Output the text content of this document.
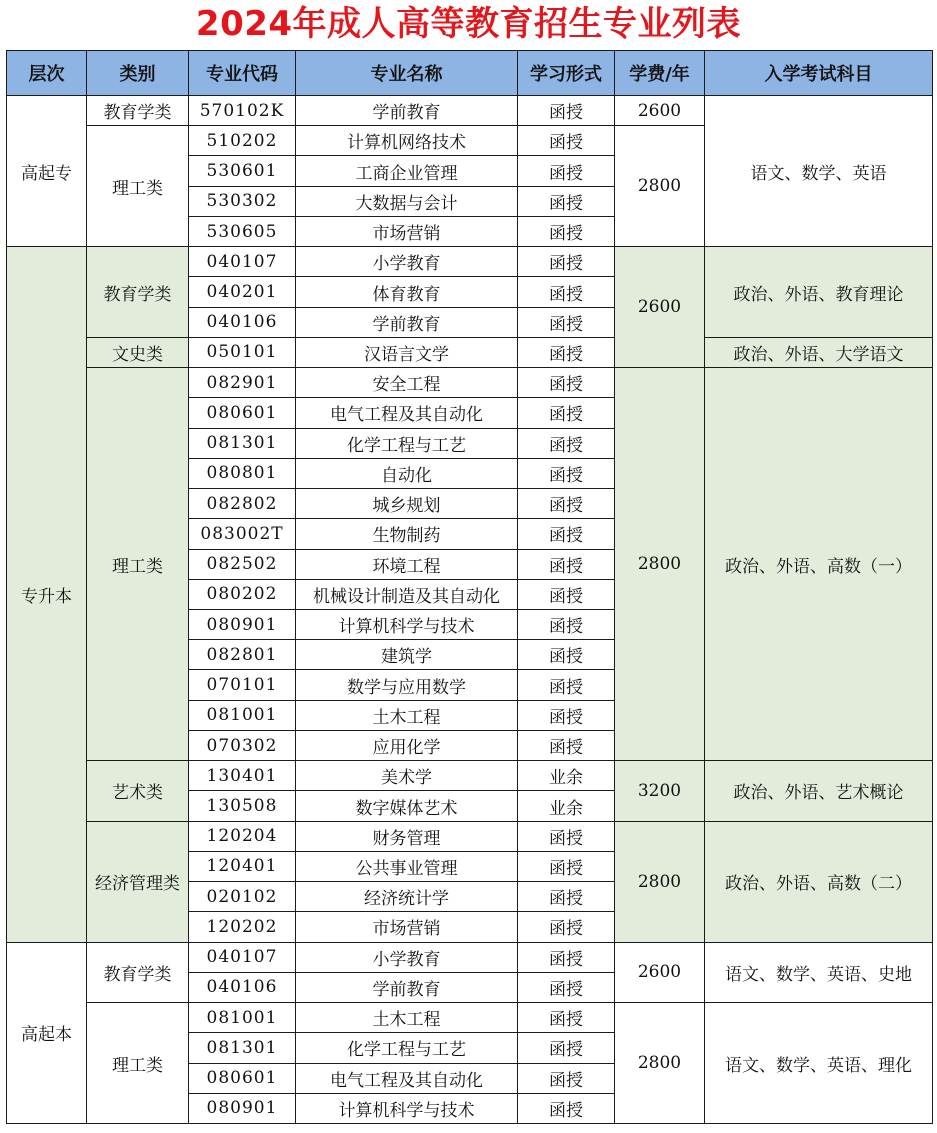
2024年成人高等教育招生专业列表
层次	类别	专业代码	专业名称	学习形式	学费/年	入学考试科目
高起专	教育学类	570102K	学前教育	函授	2600	语文、数学、英语
	理工类	510202	计算机网络技术	函授	2800	
		530601	工商企业管理	函授		
		530302	大数据与会计	函授		
		530605	市场营销	函授		
专升本	教育学类	040107	小学教育	函授	2600	政治、外语、教育理论
		040201	体育教育	函授		
		040106	学前教育	函授		
	文史类	050101	汉语言文学	函授		政治、外语、大学语文
	理工类	082901	安全工程	函授	2800	政治、外语、高数（一）
		080601	电气工程及其自动化	函授		
		081301	化学工程与工艺	函授		
		080801	自动化	函授		
		082802	城乡规划	函授		
		083002T	生物制药	函授		
		082502	环境工程	函授		
		080202	机械设计制造及其自动化	函授		
		080901	计算机科学与技术	函授		
		082801	建筑学	函授		
		070101	数学与应用数学	函授		
		081001	土木工程	函授		
		070302	应用化学	函授		
	艺术类	130401	美术学	业余	3200	政治、外语、艺术概论
		130508	数字媒体艺术	业余		
	经济管理类	120204	财务管理	函授	2800	政治、外语、高数（二）
		120401	公共事业管理	函授		
		020102	经济统计学	函授		
		120202	市场营销	函授		
高起本	教育学类	040107	小学教育	函授	2600	语文、数学、英语、史地
		040106	学前教育	函授		
	理工类	081001	土木工程	函授	2800	语文、数学、英语、理化
		081301	化学工程与工艺	函授		
		080601	电气工程及其自动化	函授		
		080901	计算机科学与技术	函授		
